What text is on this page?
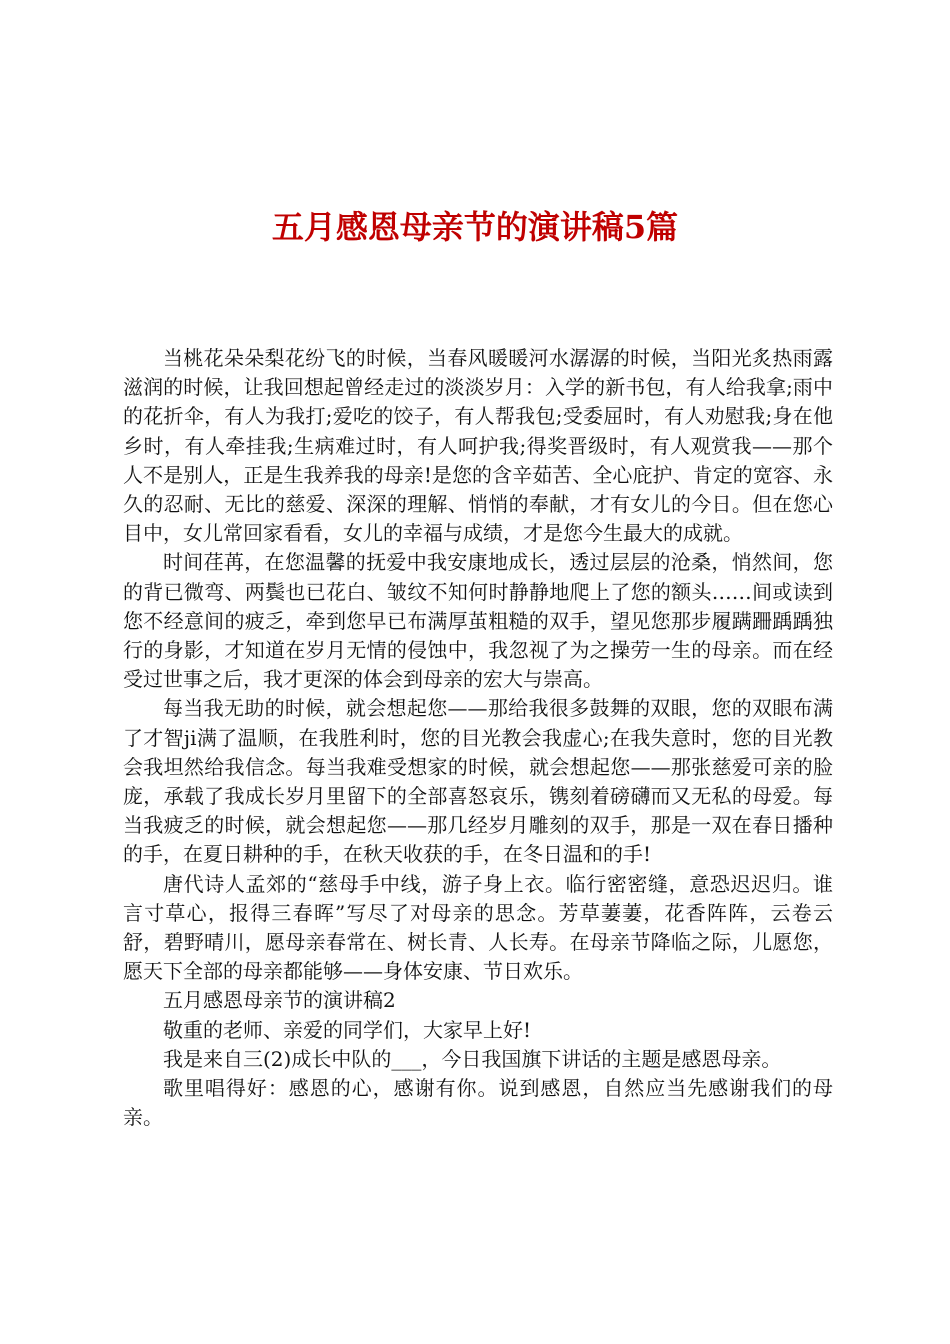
五月感恩母亲节的演讲稿5篇

当桃花朵朵梨花纷飞的时候，当春风暖暖河水潺潺的时候，当阳光炙热雨露滋润的时候，让我回想起曾经走过的淡淡岁月：入学的新书包，有人给我拿;雨中的花折伞，有人为我打;爱吃的饺子，有人帮我包;受委屈时，有人劝慰我;身在他乡时，有人牵挂我;生病难过时，有人呵护我;得奖晋级时，有人观赏我——那个人不是别人，正是生我养我的母亲!是您的含辛茹苦、全心庇护、肯定的宽容、永久的忍耐、无比的慈爱、深深的理解、悄悄的奉献，才有女儿的今日。但在您心目中，女儿常回家看看，女儿的幸福与成绩，才是您今生最大的成就。

时间荏苒，在您温馨的抚爱中我安康地成长，透过层层的沧桑，悄然间，您的背已微弯、两鬓也已花白、皱纹不知何时静静地爬上了您的额头……间或读到您不经意间的疲乏，牵到您早已布满厚茧粗糙的双手，望见您那步履蹒跚踽踽独行的身影，才知道在岁月无情的侵蚀中，我忽视了为之操劳一生的母亲。而在经受过世事之后，我才更深的体会到母亲的宏大与崇高。

每当我无助的时候，就会想起您——那给我很多鼓舞的双眼，您的双眼布满了才智ji满了温顺，在我胜利时，您的目光教会我虚心;在我失意时，您的目光教会我坦然给我信念。每当我难受想家的时候，就会想起您——那张慈爱可亲的脸庞，承载了我成长岁月里留下的全部喜怒哀乐，镌刻着磅礴而又无私的母爱。每当我疲乏的时候，就会想起您——那几经岁月雕刻的双手，那是一双在春日播种的手，在夏日耕种的手，在秋天收获的手，在冬日温和的手!

唐代诗人孟郊的“慈母手中线，游子身上衣。临行密密缝，意恐迟迟归。谁言寸草心，报得三春晖”写尽了对母亲的思念。芳草萋萋，花香阵阵，云卷云舒，碧野晴川，愿母亲春常在、树长青、人长寿。在母亲节降临之际，儿愿您，愿天下全部的母亲都能够——身体安康、节日欢乐。

五月感恩母亲节的演讲稿2

敬重的老师、亲爱的同学们，大家早上好!

我是来自三(2)成长中队的___，今日我国旗下讲话的主题是感恩母亲。

歌里唱得好：感恩的心，感谢有你。说到感恩，自然应当先感谢我们的母亲。
